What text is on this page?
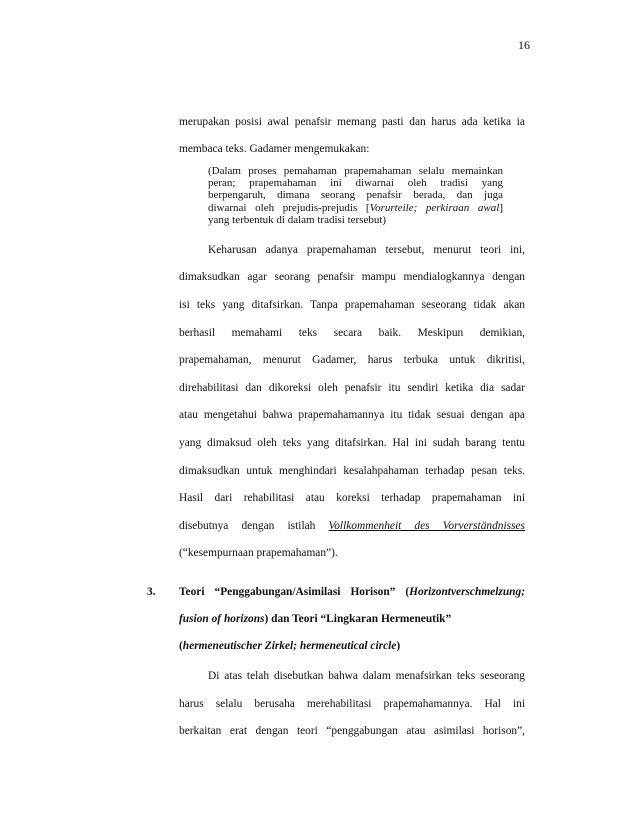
16
merupakan posisi awal penafsir memang pasti dan harus ada ketika ia
membaca teks. Gadamer mengemukakan:
(Dalam proses pemahaman prapemahaman selalu memainkan
peran; prapemahaman ini diwarnai oleh tradisi yang
berpengaruh, dimana seorang penafsir berada, dan juga
diwarnai oleh prejudis-prejudis [Vorurteile; perkiraan awal]
yang terbentuk di dalam tradisi tersebut)
Keharusan adanya prapemahaman tersebut, menurut teori ini,
dimaksudkan agar seorang penafsir mampu mendialogkannya dengan
isi teks yang ditafsirkan. Tanpa prapemahaman seseorang tidak akan
berhasil memahami teks secara baik. Meskipun demikian,
prapemahaman, menurut Gadamer, harus terbuka untuk dikritisi,
direhabilitasi dan dikoreksi oleh penafsir itu sendiri ketika dia sadar
atau mengetahui bahwa prapemahamannya itu tidak sesuai dengan apa
yang dimaksud oleh teks yang ditafsirkan. Hal ini sudah barang tentu
dimaksudkan untuk menghindari kesalahpahaman terhadap pesan teks.
Hasil dari rehabilitasi atau koreksi terhadap prapemahaman ini
disebutnya dengan istilah Vollkommenheit des Vorverständnisses
(“kesempurnaan prapemahaman”).
3. Teori “Penggabungan/Asimilasi Horison” (Horizontverschmelzung;
fusion of horizons) dan Teori “Lingkaran Hermeneutik”
(hermeneutischer Zirkel; hermeneutical circle)
Di atas telah disebutkan bahwa dalam menafsirkan teks seseorang
harus selalu berusaha merehabilitasi prapemahamannya. Hal ini
berkaitan erat dengan teori “penggabungan atau asimilasi horison”,
